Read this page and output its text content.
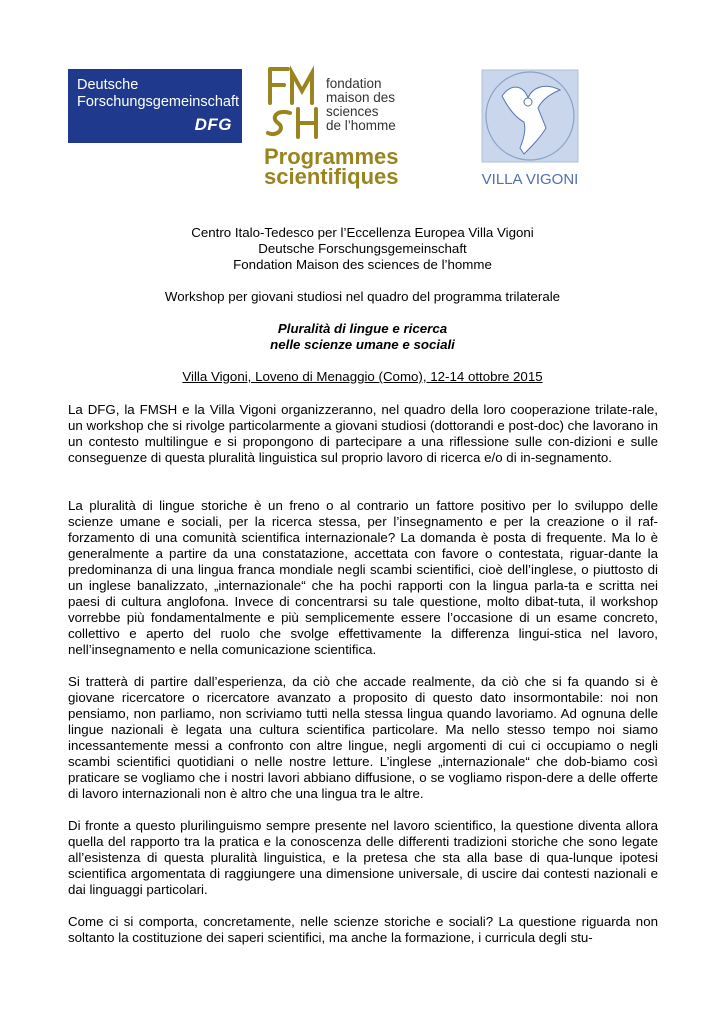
Deutsche
Forschungsgemeinschaft
DFG
fondation
maison des
sciences
de l’homme
Programmes
scientifiques	VILLA VIGONI
Centro Italo-Tedesco per l’Eccellenza Europea Villa Vigoni
Deutsche Forschungsgemeinschaft
Fondation Maison des sciences de l’homme
Workshop per giovani studiosi nel quadro del programma trilaterale
Pluralità di lingue e ricerca
nelle scienze umane e sociali
Villa Vigoni, Loveno di Menaggio (Como), 12-14 ottobre 2015
La DFG, la FMSH e la Villa Vigoni organizzeranno, nel quadro della loro cooperazione trilate-rale, un workshop che si rivolge particolarmente a giovani studiosi (dottorandi e post-doc) che lavorano in un contesto multilingue e si propongono di partecipare a una riflessione sulle con-dizioni e sulle conseguenze di questa pluralità linguistica sul proprio lavoro di ricerca e/o di in-segnamento.
La pluralità di lingue storiche è un freno o al contrario un fattore positivo per lo sviluppo delle scienze umane e sociali, per la ricerca stessa, per l’insegnamento e per la creazione o il raf-forzamento di una comunità scientifica internazionale? La domanda è posta di frequente. Ma lo è generalmente a partire da una constatazione, accettata con favore o contestata, riguar-dante la predominanza di una lingua franca mondiale negli scambi scientifici, cioè dell’inglese, o piuttosto di un inglese banalizzato, „internazionale“ che ha pochi rapporti con la lingua parla-ta e scritta nei paesi di cultura anglofona. Invece di concentrarsi su tale questione, molto dibat-tuta, il workshop vorrebbe più fondamentalmente e più semplicemente essere l’occasione di un esame concreto, collettivo e aperto del ruolo che svolge effettivamente la differenza lingui-stica nel lavoro, nell’insegnamento e nella comunicazione scientifica.
Si tratterà di partire dall’esperienza, da ciò che accade realmente, da ciò che si fa quando si è giovane ricercatore o ricercatore avanzato a proposito di questo dato insormontabile: noi non pensiamo, non parliamo, non scriviamo tutti nella stessa lingua quando lavoriamo. Ad ognuna delle lingue nazionali è legata una cultura scientifica particolare. Ma nello stesso tempo noi siamo incessantemente messi a confronto con altre lingue, negli argomenti di cui ci occupiamo o negli scambi scientifici quotidiani o nelle nostre letture. L’inglese „internazionale“ che dob-biamo così praticare se vogliamo che i nostri lavori abbiano diffusione, o se vogliamo rispon-dere a delle offerte di lavoro internazionali non è altro che una lingua tra le altre.
Di fronte a questo plurilinguismo sempre presente nel lavoro scientifico, la questione diventa allora quella del rapporto tra la pratica e la conoscenza delle differenti tradizioni storiche che sono legate all’esistenza di questa pluralità linguistica, e la pretesa che sta alla base di qua-lunque ipotesi scientifica argomentata di raggiungere una dimensione universale, di uscire dai contesti nazionali e dai linguaggi particolari.
Come ci si comporta, concretamente, nelle scienze storiche e sociali? La questione riguarda non soltanto la costituzione dei saperi scientifici, ma anche la formazione, i curricula degli stu-
